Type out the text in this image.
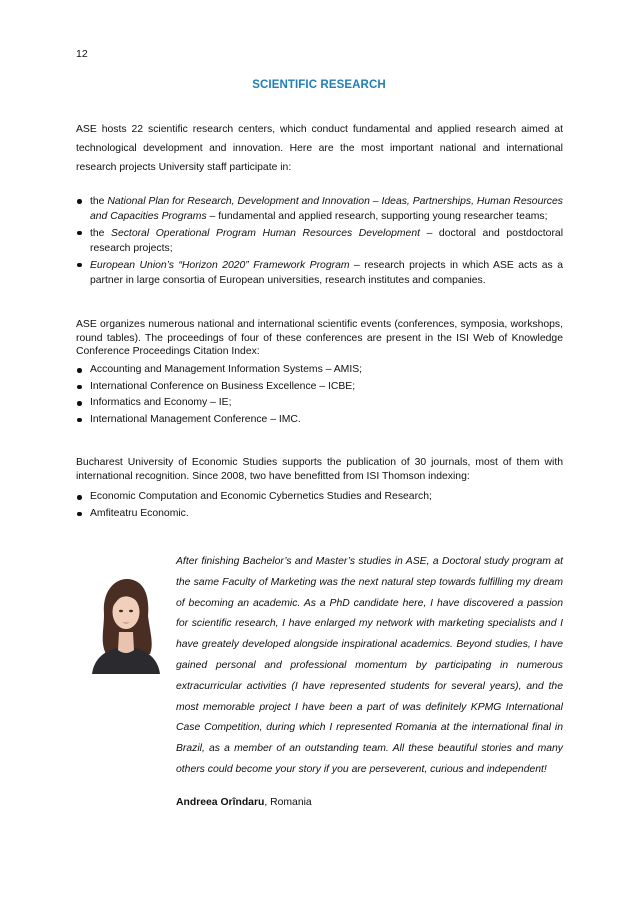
12
SCIENTIFIC RESEARCH

ASE hosts 22 scientific research centers, which conduct fundamental and applied research aimed at technological development and innovation. Here are the most important national and international research projects University staff participate in:

the National Plan for Research, Development and Innovation – Ideas, Partnerships, Human Resources and Capacities Programs – fundamental and applied research, supporting young researcher teams;
the Sectoral Operational Program Human Resources Development – doctoral and postdoctoral research projects;
European Union’s “Horizon 2020” Framework Program – research projects in which ASE acts as a partner in large consortia of European universities, research institutes and companies.

ASE organizes numerous national and international scientific events (conferences, symposia, workshops, round tables). The proceedings of four of these conferences are present in the ISI Web of Knowledge Conference Proceedings Citation Index:

Accounting and Management Information Systems – AMIS;
International Conference on Business Excellence – ICBE;
Informatics and Economy – IE;
International Management Conference – IMC.

Bucharest University of Economic Studies supports the publication of 30 journals, most of them with international recognition. Since 2008, two have benefitted from ISI Thomson indexing:

Economic Computation and Economic Cybernetics Studies and Research;
Amfiteatru Economic.

After finishing Bachelor’s and Master’s studies in ASE, a Doctoral study program at the same Faculty of Marketing was the next natural step towards fulfilling my dream of becoming an academic. As a PhD candidate here, I have discovered a passion for scientific research, I have enlarged my network with marketing specialists and I have greately developed alongside inspirational academics. Beyond studies, I have gained personal and professional momentum by participating in numerous extracurricular activities (I have represented students for several years), and the most memorable project I have been a part of was definitely KPMG International Case Competition, during which I represented Romania at the international final in Brazil, as a member of an outstanding team. All these beautiful stories and many others could become your story if you are perseverent, curious and independent!

Andreea Orîndaru, Romania
